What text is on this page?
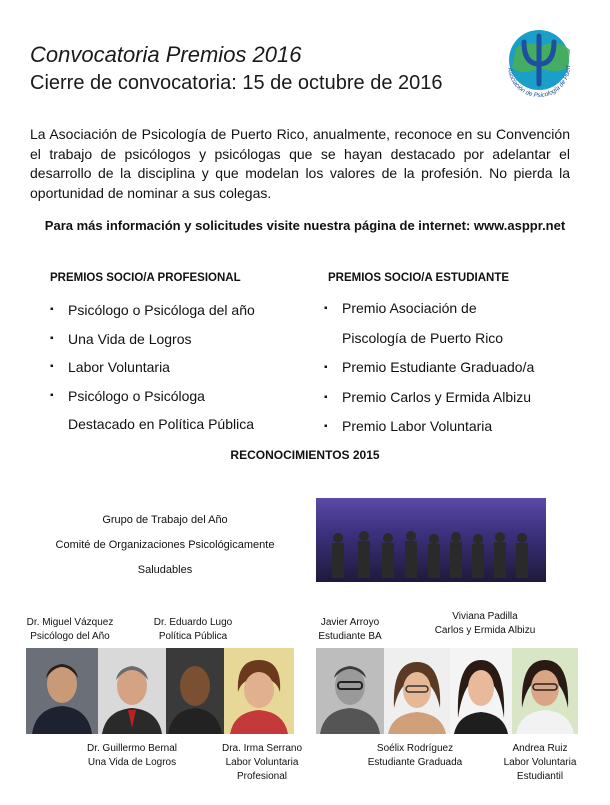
Convocatoria Premios 2016
Cierre de convocatoria: 15 de octubre de 2016
Asociación de Psicología de Puert
La Asociación de Psicología de Puerto Rico, anualmente, reconoce en su Convención el trabajo de psicólogos y psicólogas que se hayan destacado por adelantar el desarrollo de la disciplina y que modelan los valores de la profesión. No pierda la oportunidad de nominar a sus colegas.
Para más información y solicitudes visite nuestra página de internet: www.asppr.net
PREMIOS SOCIO/A PROFESIONAL
▪ Psicólogo o Psicóloga del año
▪ Una Vida de Logros
▪ Labor Voluntaria
▪ Psicólogo o Psicóloga Destacado en Política Pública
PREMIOS SOCIO/A ESTUDIANTE
▪ Premio Asociación de Piscología de Puerto Rico
▪ Premio Estudiante Graduado/a
▪ Premio Carlos y Ermida Albizu
▪ Premio Labor Voluntaria
RECONOCIMIENTOS 2015
Grupo de Trabajo del Año
Comité de Organizaciones Psicológicamente
Saludables
Dr. Miguel Vázquez
Psicólogo del Año
Dr. Eduardo Lugo
Política Pública
Javier Arroyo
Estudiante BA
Viviana Padilla
Carlos y Ermida Albizu
Dr. Guillermo Bernal
Una Vida de Logros
Dra. Irma Serrano
Labor Voluntaria
Profesional
Soélix Rodríguez
Estudiante Graduada
Andrea Ruiz
Labor Voluntaria
Estudiantil
